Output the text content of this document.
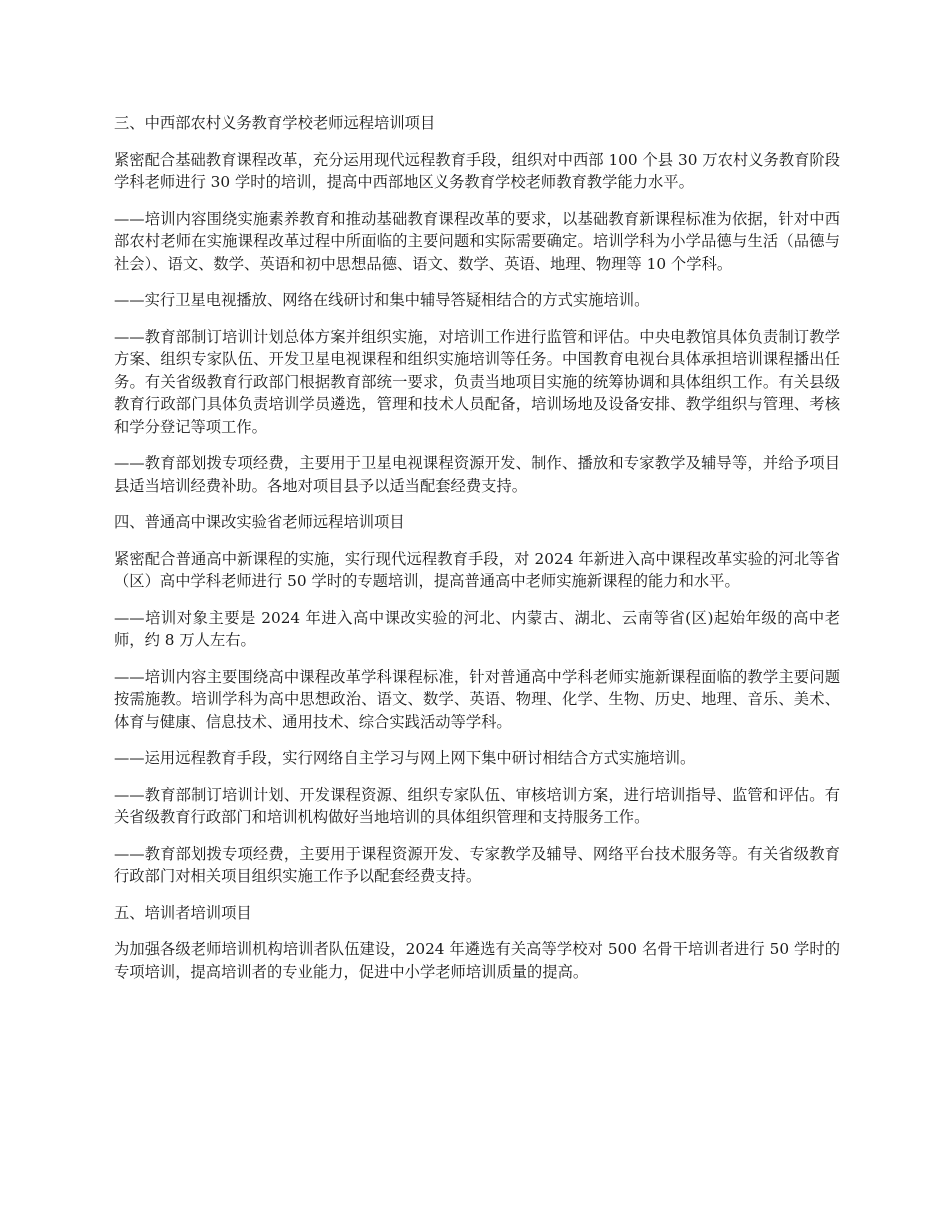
三、中西部农村义务教育学校老师远程培训项目

紧密配合基础教育课程改革，充分运用现代远程教育手段，组织对中西部 100 个县 30 万农村义务教育阶段学科老师进行 30 学时的培训，提高中西部地区义务教育学校老师教育教学能力水平。

——培训内容围绕实施素养教育和推动基础教育课程改革的要求，以基础教育新课程标准为依据，针对中西部农村老师在实施课程改革过程中所面临的主要问题和实际需要确定。培训学科为小学品德与生活（品德与社会）、语文、数学、英语和初中思想品德、语文、数学、英语、地理、物理等 10 个学科。

——实行卫星电视播放、网络在线研讨和集中辅导答疑相结合的方式实施培训。

——教育部制订培训计划总体方案并组织实施，对培训工作进行监管和评估。中央电教馆具体负责制订教学方案、组织专家队伍、开发卫星电视课程和组织实施培训等任务。中国教育电视台具体承担培训课程播出任务。有关省级教育行政部门根据教育部统一要求，负责当地项目实施的统筹协调和具体组织工作。有关县级教育行政部门具体负责培训学员遴选，管理和技术人员配备，培训场地及设备安排、教学组织与管理、考核和学分登记等项工作。

——教育部划拨专项经费，主要用于卫星电视课程资源开发、制作、播放和专家教学及辅导等，并给予项目县适当培训经费补助。各地对项目县予以适当配套经费支持。

四、普通高中课改实验省老师远程培训项目

紧密配合普通高中新课程的实施，实行现代远程教育手段，对 2024 年新进入高中课程改革实验的河北等省（区）高中学科老师进行 50 学时的专题培训，提高普通高中老师实施新课程的能力和水平。

——培训对象主要是 2024 年进入高中课改实验的河北、内蒙古、湖北、云南等省(区)起始年级的高中老师，约 8 万人左右。

——培训内容主要围绕高中课程改革学科课程标准，针对普通高中学科老师实施新课程面临的教学主要问题按需施教。培训学科为高中思想政治、语文、数学、英语、物理、化学、生物、历史、地理、音乐、美术、体育与健康、信息技术、通用技术、综合实践活动等学科。

——运用远程教育手段，实行网络自主学习与网上网下集中研讨相结合方式实施培训。

——教育部制订培训计划、开发课程资源、组织专家队伍、审核培训方案，进行培训指导、监管和评估。有关省级教育行政部门和培训机构做好当地培训的具体组织管理和支持服务工作。

——教育部划拨专项经费，主要用于课程资源开发、专家教学及辅导、网络平台技术服务等。有关省级教育行政部门对相关项目组织实施工作予以配套经费支持。

五、培训者培训项目

为加强各级老师培训机构培训者队伍建设，2024 年遴选有关高等学校对 500 名骨干培训者进行 50 学时的专项培训，提高培训者的专业能力，促进中小学老师培训质量的提高。
